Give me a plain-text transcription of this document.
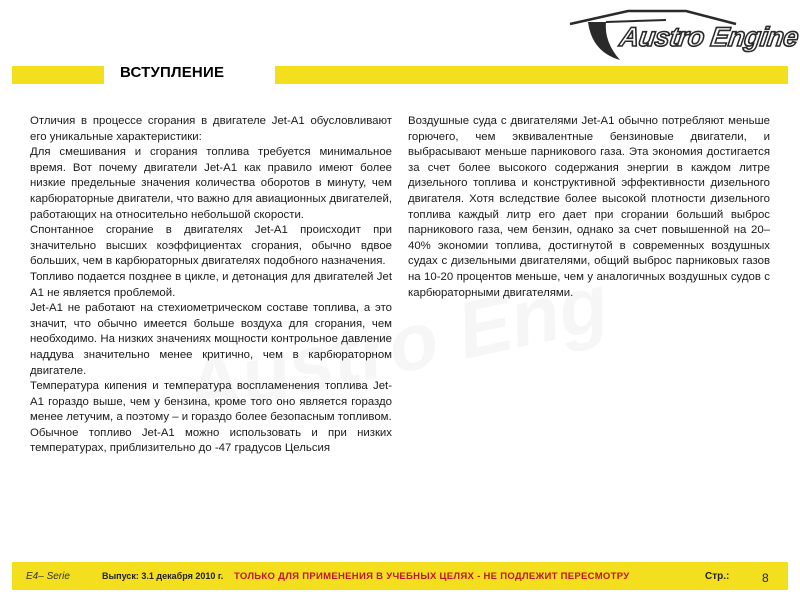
Austro Engine
ВСТУПЛЕНИЕ

Отличия в процессе сгорания в двигателе Jet-A1 обусловливают его уникальные характеристики:

Для смешивания и сгорания топлива требуется минимальное время. Вот почему двигатели Jet-A1 как правило имеют более низкие предельные значения количества оборотов в минуту, чем карбюраторные двигатели, что важно для авиационных двигателей, работающих на относительно небольшой скорости.

Спонтанное сгорание в двигателях Jet-A1 происходит при значительно высших коэффициентах сгорания, обычно вдвое больших, чем в карбюраторных двигателях подобного назначения.

Топливо подается позднее в цикле, и детонация для двигателей Jet A1 не является проблемой.

Jet-A1 не работают на стехиометрическом составе топлива, а это значит, что обычно имеется больше воздуха для сгорания, чем необходимо. На низких значениях мощности контрольное давление наддува значительно менее критично, чем в карбюраторном двигателе.

Температура кипения и температура воспламенения топлива Jet-A1 гораздо выше, чем у бензина, кроме того оно является гораздо менее летучим, а поэтому – и гораздо более безопасным топливом.

Обычное топливо Jet-A1 можно использовать и при низких температурах, приблизительно до -47 градусов Цельсия

Воздушные суда с двигателями Jet-A1 обычно потребляют меньше горючего, чем эквивалентные бензиновые двигатели, и выбрасывают меньше парникового газа. Эта экономия достигается за счет более высокого содержания энергии в каждом литре дизельного топлива и конструктивной эффективности дизельного двигателя. Хотя вследствие более высокой плотности дизельного топлива каждый литр его дает при сгорании больший выброс парникового газа, чем бензин, однако за счет повышенной на 20–40% экономии топлива, достигнутой в современных воздушных судах с дизельными двигателями, общий выброс парниковых газов на 10-20 процентов меньше, чем у аналогичных воздушных судов с карбюраторными двигателями.

E4– Serie	Выпуск: 3.1 декабря 2010 г. ТОЛЬКО ДЛЯ ПРИМЕНЕНИЯ В УЧЕБНЫХ ЦЕЛЯХ - НЕ ПОДЛЕЖИТ ПЕРЕСМОТРУ	Стр.:	8
